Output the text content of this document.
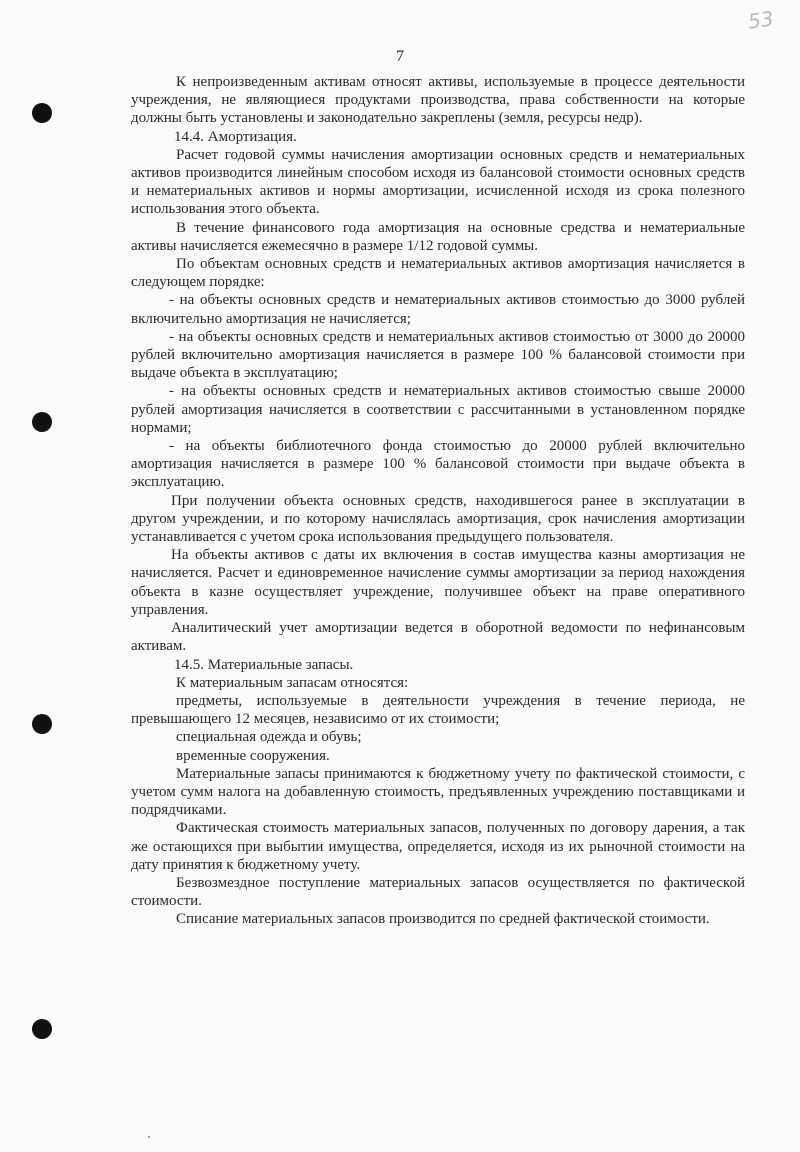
53
7

К непроизведенным активам относят активы, используемые в процессе деятельности учреждения, не являющиеся продуктами производства, права собственности на которые должны быть установлены и законодательно закреплены (земля, ресурсы недр).

14.4. Амортизация.

Расчет годовой суммы начисления амортизации основных средств и нематериальных активов производится линейным способом исходя из балансовой стоимости основных средств и нематериальных активов и нормы амортизации, исчисленной исходя из срока полезного использования этого объекта.

В течение финансового года амортизация на основные средства и нематериальные активы начисляется ежемесячно в размере 1/12 годовой суммы.

По объектам основных средств и нематериальных активов амортизация начисляется в следующем порядке:

- на объекты основных средств и нематериальных активов стоимостью до 3000 рублей включительно амортизация не начисляется;

- на объекты основных средств и нематериальных активов стоимостью от 3000 до 20000 рублей включительно амортизация начисляется в размере 100 % балансовой стоимости при выдаче объекта в эксплуатацию;

- на объекты основных средств и нематериальных активов стоимостью свыше 20000 рублей амортизация начисляется в соответствии с рассчитанными в установленном порядке нормами;

- на объекты библиотечного фонда стоимостью до 20000 рублей включительно амортизация начисляется в размере 100 % балансовой стоимости при выдаче объекта в эксплуатацию.

При получении объекта основных средств, находившегося ранее в эксплуатации в другом учреждении, и по которому начислялась амортизация, срок начисления амортизации устанавливается с учетом срока использования предыдущего пользователя.

На объекты активов с даты их включения в состав имущества казны амортизация не начисляется. Расчет и единовременное начисление суммы амортизации за период нахождения объекта в казне осуществляет учреждение, получившее объект на праве оперативного управления.

Аналитический учет амортизации ведется в оборотной ведомости по нефинансовым активам.

14.5. Материальные запасы.

К материальным запасам относятся:

предметы, используемые в деятельности учреждения в течение периода, не превышающего 12 месяцев, независимо от их стоимости;

специальная одежда и обувь;

временные сооружения.

Материальные запасы принимаются к бюджетному учету по фактической стоимости, с учетом сумм налога на добавленную стоимость, предъявленных учреждению поставщиками и подрядчиками.

Фактическая стоимость материальных запасов, полученных по договору дарения, а так же остающихся при выбытии имущества, определяется, исходя из их рыночной стоимости на дату принятия к бюджетному учету.

Безвозмездное поступление материальных запасов осуществляется по фактической стоимости.

Списание материальных запасов производится по средней фактической стоимости.
